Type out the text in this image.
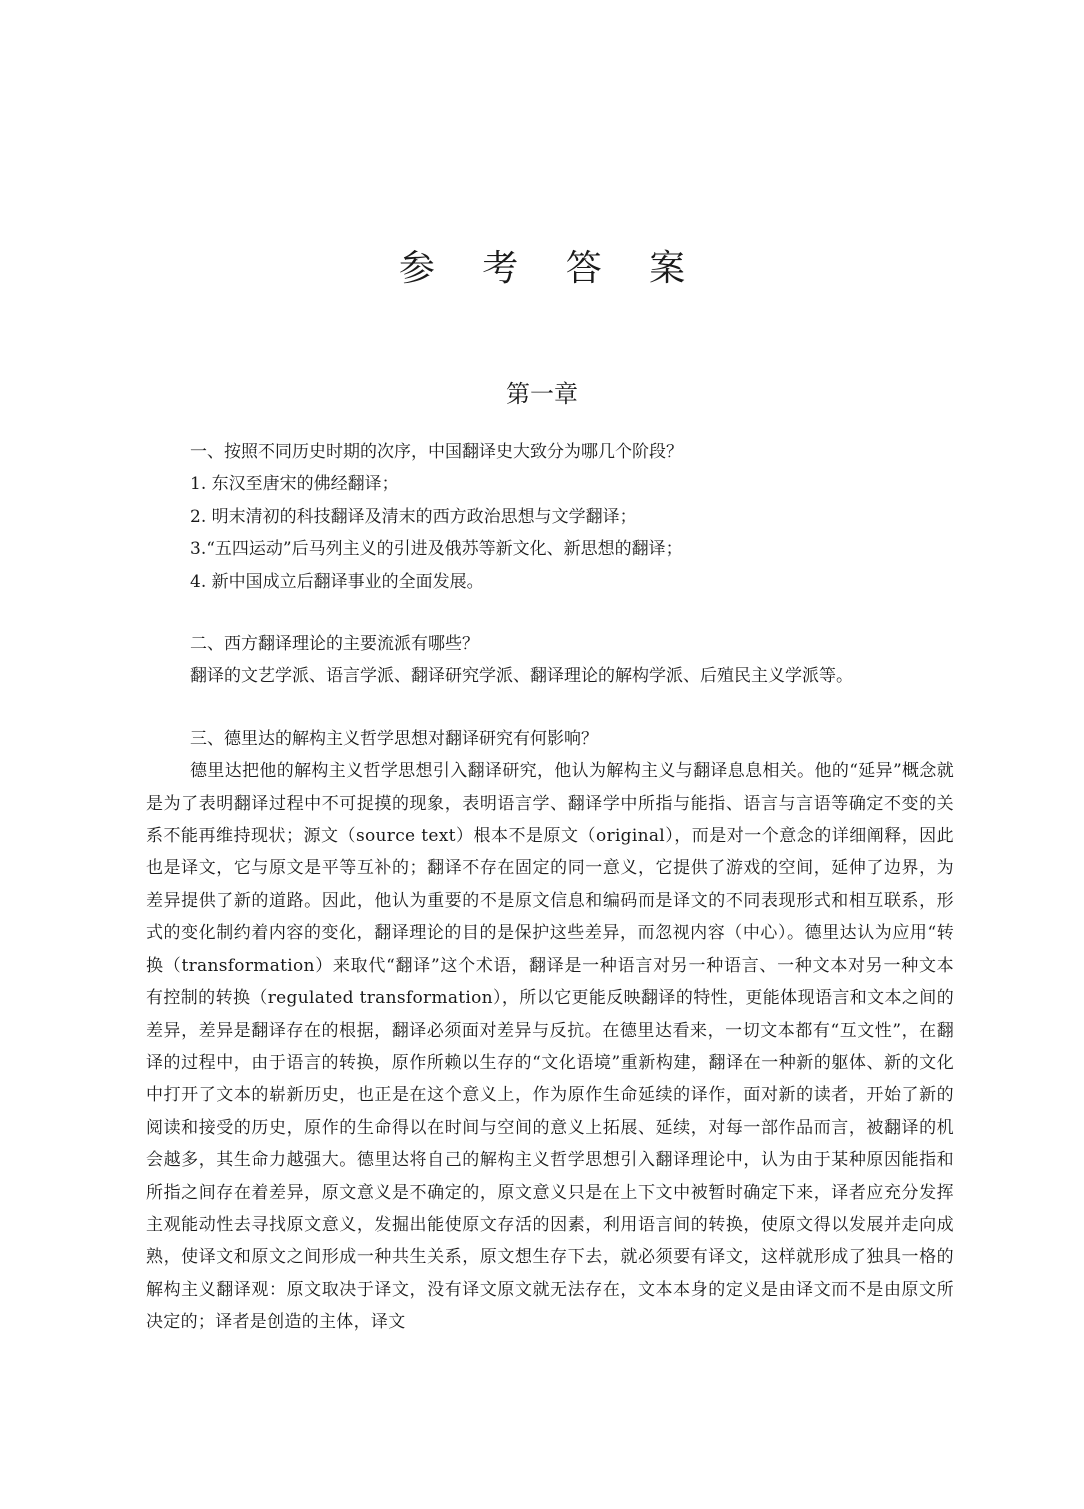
参 考 答 案
第一章

一、按照不同历史时期的次序，中国翻译史大致分为哪几个阶段？

1. 东汉至唐宋的佛经翻译；

2. 明末清初的科技翻译及清末的西方政治思想与文学翻译；

3.“五四运动”后马列主义的引进及俄苏等新文化、新思想的翻译；

4. 新中国成立后翻译事业的全面发展。

二、西方翻译理论的主要流派有哪些？

翻译的文艺学派、语言学派、翻译研究学派、翻译理论的解构学派、后殖民主义学派等。

三、德里达的解构主义哲学思想对翻译研究有何影响？

德里达把他的解构主义哲学思想引入翻译研究，他认为解构主义与翻译息息相关。他的“延异”概念就是为了表明翻译过程中不可捉摸的现象，表明语言学、翻译学中所指与能指、语言与言语等确定不变的关系不能再维持现状；源文（source text）根本不是原文（original），而是对一个意念的详细阐释，因此也是译文，它与原文是平等互补的；翻译不存在固定的同一意义，它提供了游戏的空间，延伸了边界，为差异提供了新的道路。因此，他认为重要的不是原文信息和编码而是译文的不同表现形式和相互联系，形式的变化制约着内容的变化，翻译理论的目的是保护这些差异，而忽视内容（中心）。德里达认为应用“转换（transformation）来取代“翻译”这个术语，翻译是一种语言对另一种语言、一种文本对另一种文本有控制的转换（regulated transformation），所以它更能反映翻译的特性，更能体现语言和文本之间的差异，差异是翻译存在的根据，翻译必须面对差异与反抗。在德里达看来，一切文本都有“互文性”，在翻译的过程中，由于语言的转换，原作所赖以生存的“文化语境”重新构建，翻译在一种新的躯体、新的文化中打开了文本的崭新历史，也正是在这个意义上，作为原作生命延续的译作，面对新的读者，开始了新的阅读和接受的历史，原作的生命得以在时间与空间的意义上拓展、延续，对每一部作品而言，被翻译的机会越多，其生命力越强大。德里达将自己的解构主义哲学思想引入翻译理论中，认为由于某种原因能指和所指之间存在着差异，原文意义是不确定的，原文意义只是在上下文中被暂时确定下来，译者应充分发挥主观能动性去寻找原文意义，发掘出能使原文存活的因素，利用语言间的转换，使原文得以发展并走向成熟，使译文和原文之间形成一种共生关系，原文想生存下去，就必须要有译文，这样就形成了独具一格的解构主义翻译观：原文取决于译文，没有译文原文就无法存在，文本本身的定义是由译文而不是由原文所决定的；译者是创造的主体，译文
